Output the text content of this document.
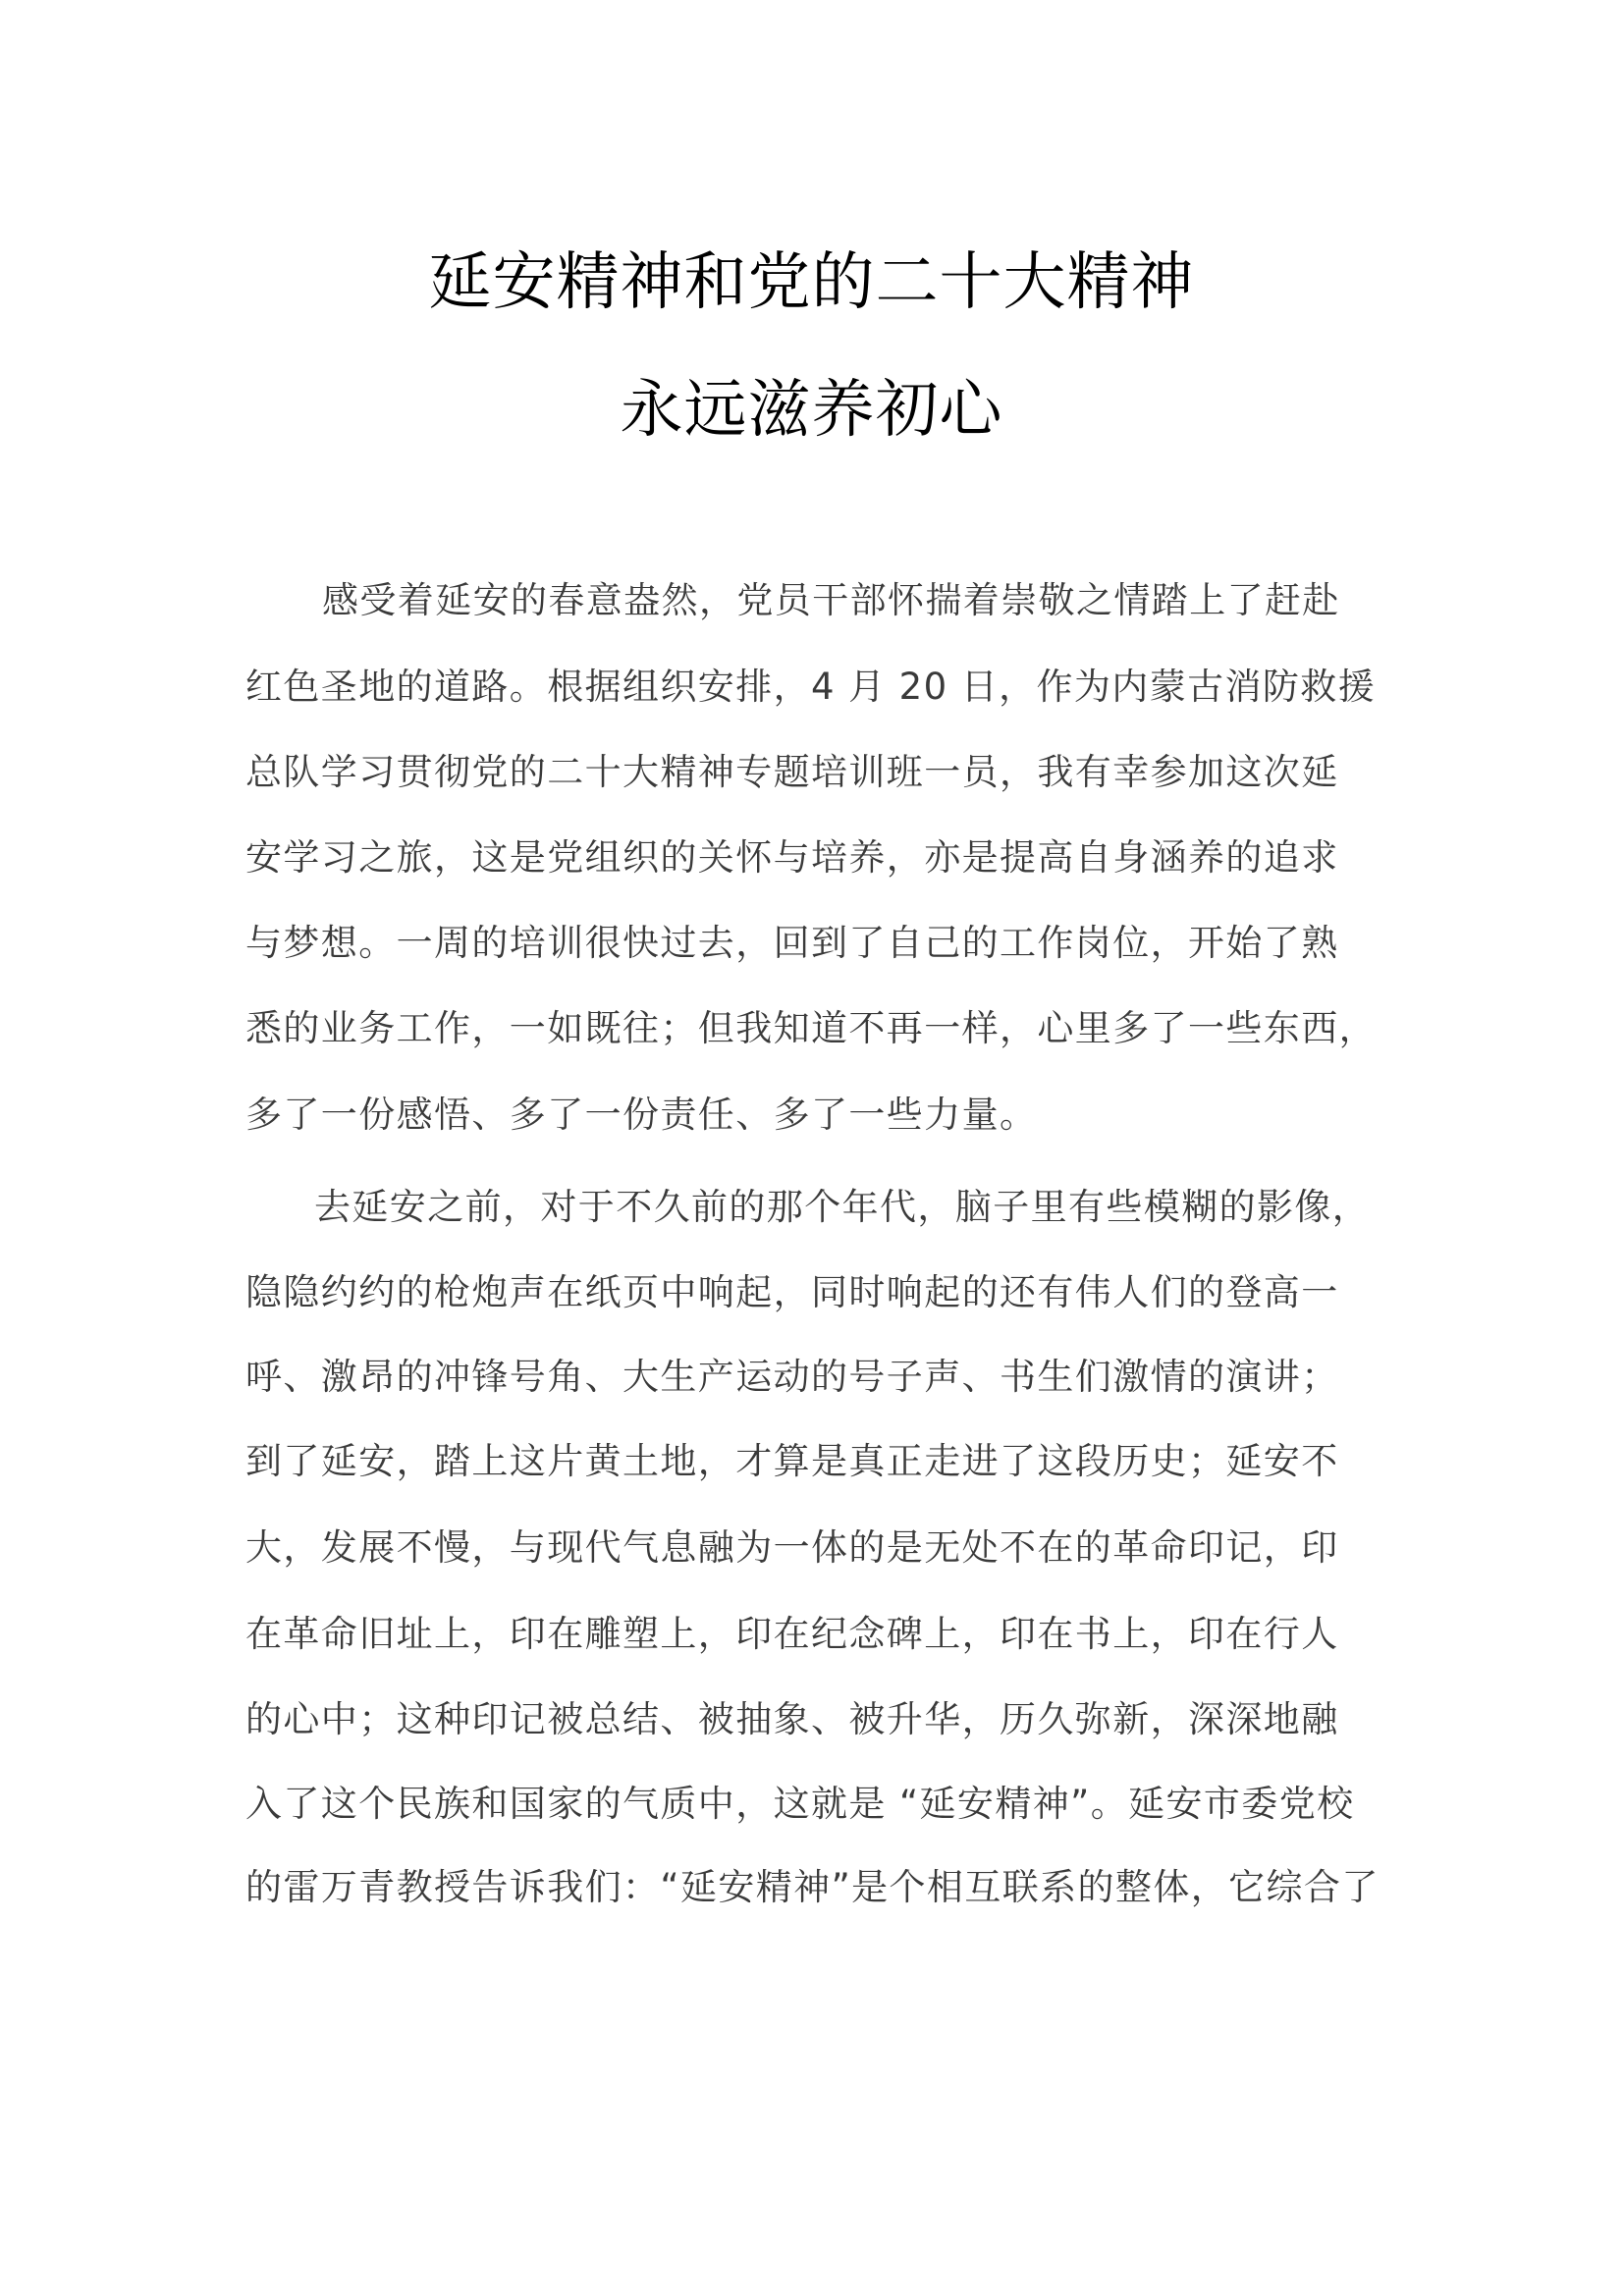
延安精神和党的二十大精神
永远滋养初心
感受着延安的春意盎然，党员干部怀揣着崇敬之情踏上了赶赴
红色圣地的道路。根据组织安排，4 月 20 日，作为内蒙古消防救援
总队学习贯彻党的二十大精神专题培训班一员，我有幸参加这次延
安学习之旅，这是党组织的关怀与培养，亦是提高自身涵养的追求
与梦想。一周的培训很快过去，回到了自己的工作岗位，开始了熟
悉的业务工作，一如既往；但我知道不再一样，心里多了一些东西，
多了一份感悟、多了一份责任、多了一些力量。
去延安之前，对于不久前的那个年代，脑子里有些模糊的影像，
隐隐约约的枪炮声在纸页中响起，同时响起的还有伟人们的登高一
呼、激昂的冲锋号角、大生产运动的号子声、书生们激情的演讲；
到了延安，踏上这片黄土地，才算是真正走进了这段历史；延安不
大，发展不慢，与现代气息融为一体的是无处不在的革命印记，印
在革命旧址上，印在雕塑上，印在纪念碑上，印在书上，印在行人
的心中；这种印记被总结、被抽象、被升华，历久弥新，深深地融
入了这个民族和国家的气质中，这就是 “延安精神”。延安市委党校
的雷万青教授告诉我们：“延安精神”是个相互联系的整体，它综合了
